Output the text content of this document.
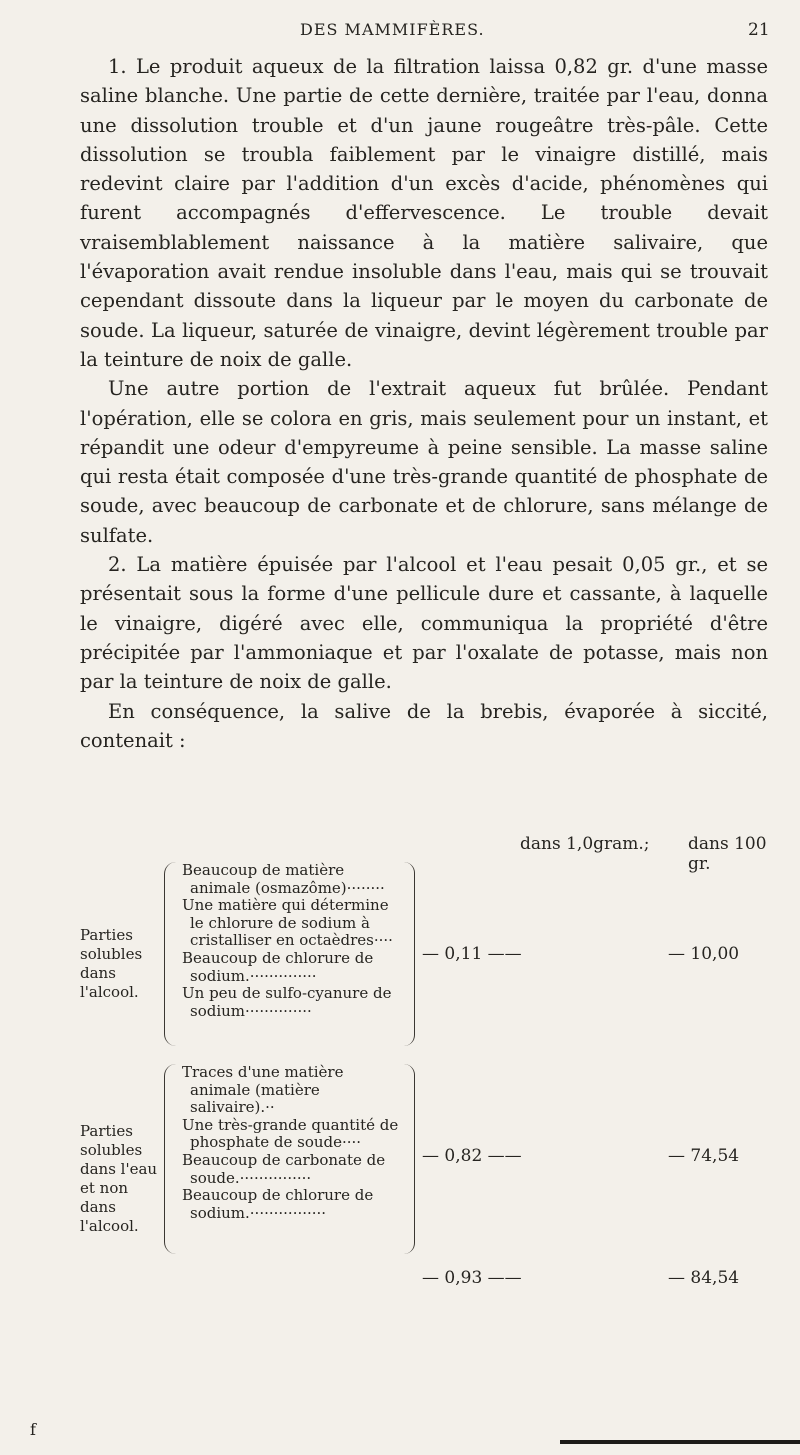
DES MAMMIFÈRES.	21

1. Le produit aqueux de la filtration laissa 0,82 gr. d'une masse saline blanche. Une partie de cette dernière, traitée par l'eau, donna une dissolution trouble et d'un jaune rougeâtre très-pâle. Cette dissolution se troubla faiblement par le vinaigre distillé, mais redevint claire par l'addition d'un excès d'acide, phénomènes qui furent accompagnés d'effervescence. Le trouble devait vraisemblablement naissance à la matière salivaire, que l'évaporation avait rendue insoluble dans l'eau, mais qui se trouvait cependant dissoute dans la liqueur par le moyen du carbonate de soude. La liqueur, saturée de vinaigre, devint légèrement trouble par la teinture de noix de galle.

Une autre portion de l'extrait aqueux fut brûlée. Pendant l'opération, elle se colora en gris, mais seulement pour un instant, et répandit une odeur d'empyreume à peine sensible. La masse saline qui resta était composée d'une très-grande quantité de phosphate de soude, avec beaucoup de carbonate et de chlorure, sans mélange de sulfate.

2. La matière épuisée par l'alcool et l'eau pesait 0,05 gr., et se présentait sous la forme d'une pellicule dure et cassante, à laquelle le vinaigre, digéré avec elle, communiqua la propriété d'être précipitée par l'ammoniaque et par l'oxalate de potasse, mais non par la teinture de noix de galle.

En conséquence, la salive de la brebis, évaporée à siccité, contenait :

dans 1,0gram.; dans 100 gr.
Parties solubles dans l'alcool.
Beaucoup de matière animale (osmazôme)········
Une matière qui détermine le chlorure de sodium à cristalliser en octaèdres····
Beaucoup de chlorure de sodium.··············
Un peu de sulfo-cyanure de sodium··············
— 0,11 ——	— 10,00
Parties solubles dans l'eau et non dans l'alcool.
Traces d'une matière animale (matière salivaire).··
Une très-grande quantité de phosphate de soude····
Beaucoup de carbonate de soude.···············
Beaucoup de chlorure de sodium.················
— 0,82 ——	— 74,54
— 0,93 ——	— 84,54
f
